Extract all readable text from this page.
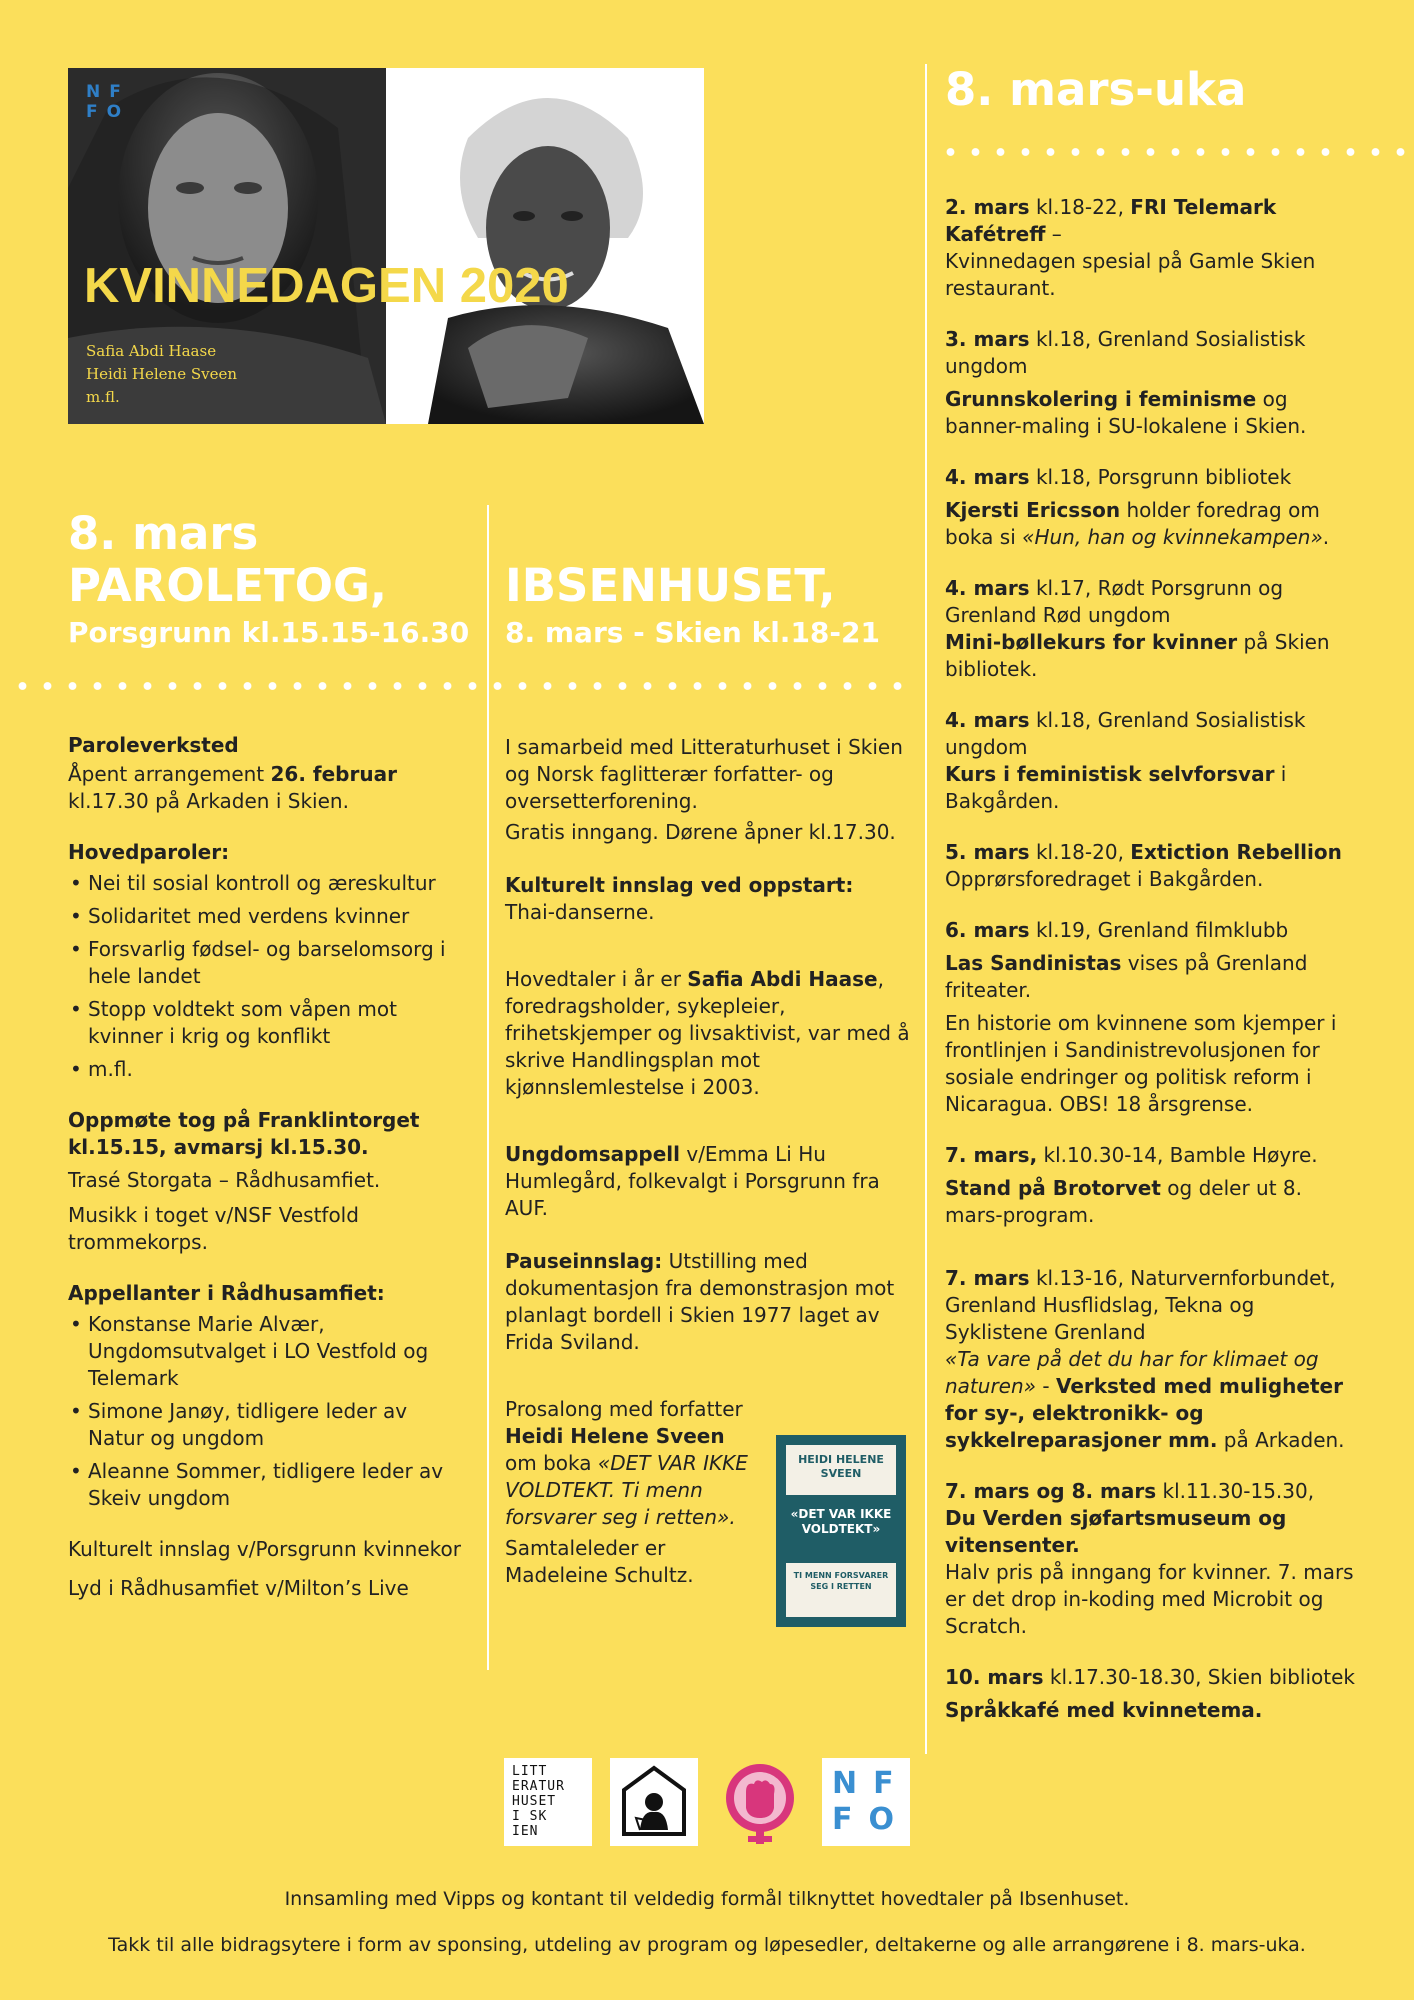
NF
FO
KVINNEDAGEN 2020
Safia Abdi Haase
Heidi Helene Sveen
m.fl.
8. mars
PAROLETOG,
Porsgrunn kl.15.15-16.30
IBSENHUSET,
8. mars - Skien kl.18-21
8. mars-uka

Paroleverksted

Åpent arrangement 26. februar kl.17.30 på Arkaden i Skien.

Hovedparoler:

• Nei til sosial kontroll og æreskultur
• Solidaritet med verdens kvinner
• Forsvarlig fødsel- og barselomsorg i hele landet
• Stopp voldtekt som våpen mot kvinner i krig og konflikt
• m.fl.

Oppmøte tog på Franklintorget kl.15.15, avmarsj kl.15.30.

Trasé Storgata – Rådhusamfiet.

Musikk i toget v/NSF Vestfold trommekorps.

Appellanter i Rådhusamfiet:

• Konstanse Marie Alvær, Ungdomsutvalget i LO Vestfold og Telemark
• Simone Janøy, tidligere leder av Natur og ungdom
• Aleanne Sommer, tidligere leder av Skeiv ungdom

Kulturelt innslag v/Porsgrunn kvinnekor

Lyd i Rådhusamfiet v/Milton’s Live

I samarbeid med Litteraturhuset i Skien og Norsk faglitterær forfatter- og oversetterforening.

Gratis inngang. Dørene åpner kl.17.30.

Kulturelt innslag ved oppstart:

Thai-danserne.

Hovedtaler i år er Safia Abdi Haase, foredragsholder, sykepleier, frihetskjemper og livsaktivist, var med å skrive Handlingsplan mot kjønnslemlestelse i 2003.

Ungdomsappell v/Emma Li Hu Humlegård, folkevalgt i Porsgrunn fra AUF.

Pauseinnslag: Utstilling med dokumentasjon fra demonstrasjon mot planlagt bordell i Skien 1977 laget av Frida Sviland.

Prosalong med forfatter

Heidi Helene Sveen

om boka «DET VAR IKKE VOLDTEKT. Ti menn forsvarer seg i retten».

Samtaleleder er Madeleine Schultz.

HEIDI HELENE SVEEN
«DET VAR IKKE VOLDTEKT»
TI MENN FORSVARER SEG I RETTEN

2. mars kl.18-22, FRI Telemark Kafétreff –
Kvinnedagen spesial på Gamle Skien restaurant.

3. mars kl.18, Grenland Sosialistisk ungdom

Grunnskolering i feminisme og banner-maling i SU-lokalene i Skien.

4. mars kl.18, Porsgrunn bibliotek

Kjersti Ericsson holder foredrag om boka si «Hun, han og kvinnekampen».

4. mars kl.17, Rødt Porsgrunn og Grenland Rød ungdom
Mini-bøllekurs for kvinner på Skien bibliotek.

4. mars kl.18, Grenland Sosialistisk ungdom
Kurs i feministisk selvforsvar i Bakgården.

5. mars kl.18-20, Extiction Rebellion
Opprørsforedraget i Bakgården.

6. mars kl.19, Grenland filmklubb

Las Sandinistas vises på Grenland friteater.

En historie om kvinnene som kjemper i frontlinjen i Sandinistrevolusjonen for sosiale endringer og politisk reform i Nicaragua. OBS! 18 årsgrense.

7. mars, kl.10.30-14, Bamble Høyre.

Stand på Brotorvet og deler ut 8. mars-program.

7. mars kl.13-16, Naturvernforbundet, Grenland Husflidslag, Tekna og Syklistene Grenland
«Ta vare på det du har for klimaet og naturen» - Verksted med muligheter for sy-, elektronikk- og sykkelreparasjoner mm. på Arkaden.

7. mars og 8. mars kl.11.30-15.30,
Du Verden sjøfartsmuseum og vitensenter.

Halv pris på inngang for kvinner. 7. mars er det drop in-koding med Microbit og Scratch.

10. mars kl.17.30-18.30, Skien bibliotek

Språkkafé med kvinnetema.

LITT
ERATUR
HUSET
I SK
IEN
NF
FO
Innsamling med Vipps og kontant til veldedig formål tilknyttet hovedtaler på Ibsenhuset.
Takk til alle bidragsytere i form av sponsing, utdeling av program og løpesedler, deltakerne og alle arrangørene i 8. mars-uka.
